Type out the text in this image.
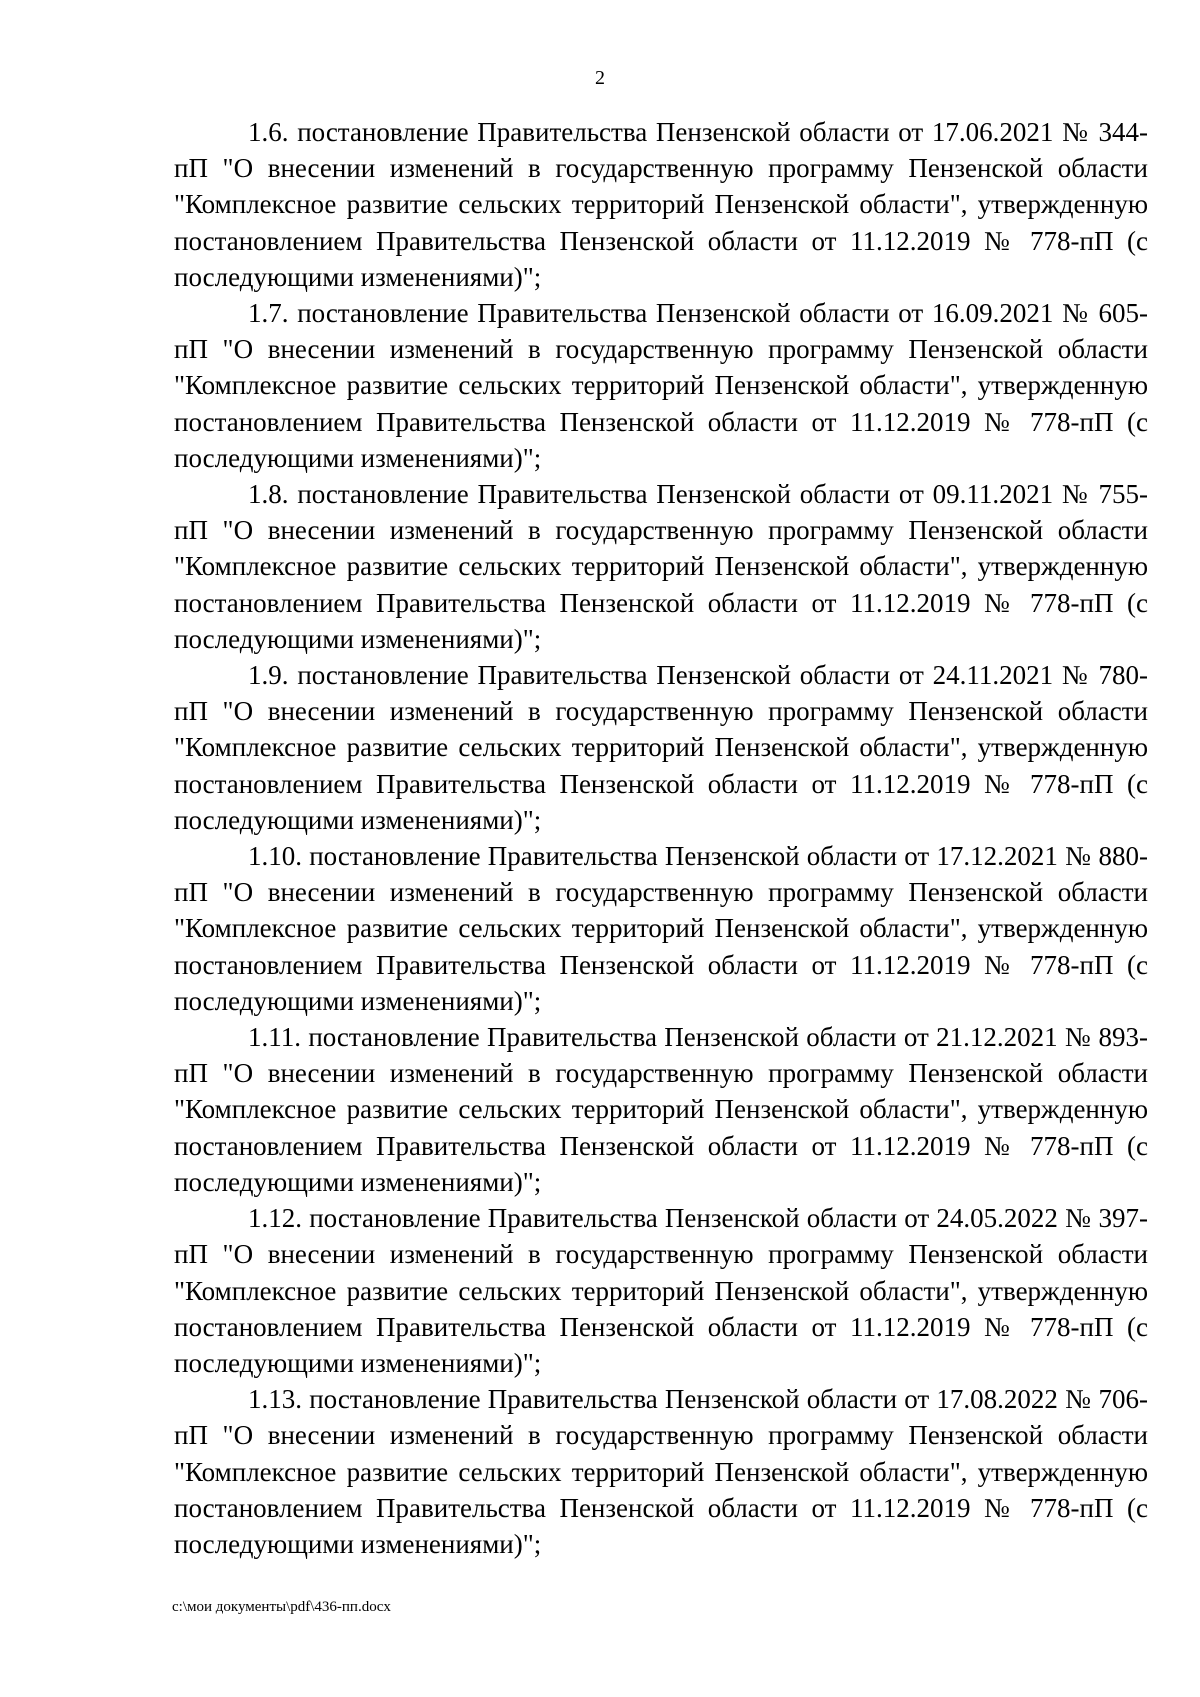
2

1.6. постановление Правительства Пензенской области от 17.06.2021 № 344-пП "О внесении изменений в государственную программу Пензенской области "Комплексное развитие сельских территорий Пензенской области", утвержденную постановлением Правительства Пензенской области от 11.12.2019 № 778-пП (с последующими изменениями)";

1.7. постановление Правительства Пензенской области от 16.09.2021 № 605-пП "О внесении изменений в государственную программу Пензенской области "Комплексное развитие сельских территорий Пензенской области", утвержденную постановлением Правительства Пензенской области от 11.12.2019 № 778-пП (с последующими изменениями)";

1.8. постановление Правительства Пензенской области от 09.11.2021 № 755-пП "О внесении изменений в государственную программу Пензенской области "Комплексное развитие сельских территорий Пензенской области", утвержденную постановлением Правительства Пензенской области от 11.12.2019 № 778-пП (с последующими изменениями)";

1.9. постановление Правительства Пензенской области от 24.11.2021 № 780-пП "О внесении изменений в государственную программу Пензенской области "Комплексное развитие сельских территорий Пензенской области", утвержденную постановлением Правительства Пензенской области от 11.12.2019 № 778-пП (с последующими изменениями)";

1.10. постановление Правительства Пензенской области от 17.12.2021 № 880-пП "О внесении изменений в государственную программу Пензенской области "Комплексное развитие сельских территорий Пензенской области", утвержденную постановлением Правительства Пензенской области от 11.12.2019 № 778-пП (с последующими изменениями)";

1.11. постановление Правительства Пензенской области от 21.12.2021 № 893-пП "О внесении изменений в государственную программу Пензенской области "Комплексное развитие сельских территорий Пензенской области", утвержденную постановлением Правительства Пензенской области от 11.12.2019 № 778-пП (с последующими изменениями)";

1.12. постановление Правительства Пензенской области от 24.05.2022 № 397-пП "О внесении изменений в государственную программу Пензенской области "Комплексное развитие сельских территорий Пензенской области", утвержденную постановлением Правительства Пензенской области от 11.12.2019 № 778-пП (с последующими изменениями)";

1.13. постановление Правительства Пензенской области от 17.08.2022 № 706-пП "О внесении изменений в государственную программу Пензенской области "Комплексное развитие сельских территорий Пензенской области", утвержденную постановлением Правительства Пензенской области от 11.12.2019 № 778-пП (с последующими изменениями)";

c:\мои документы\pdf\436-пп.docx
